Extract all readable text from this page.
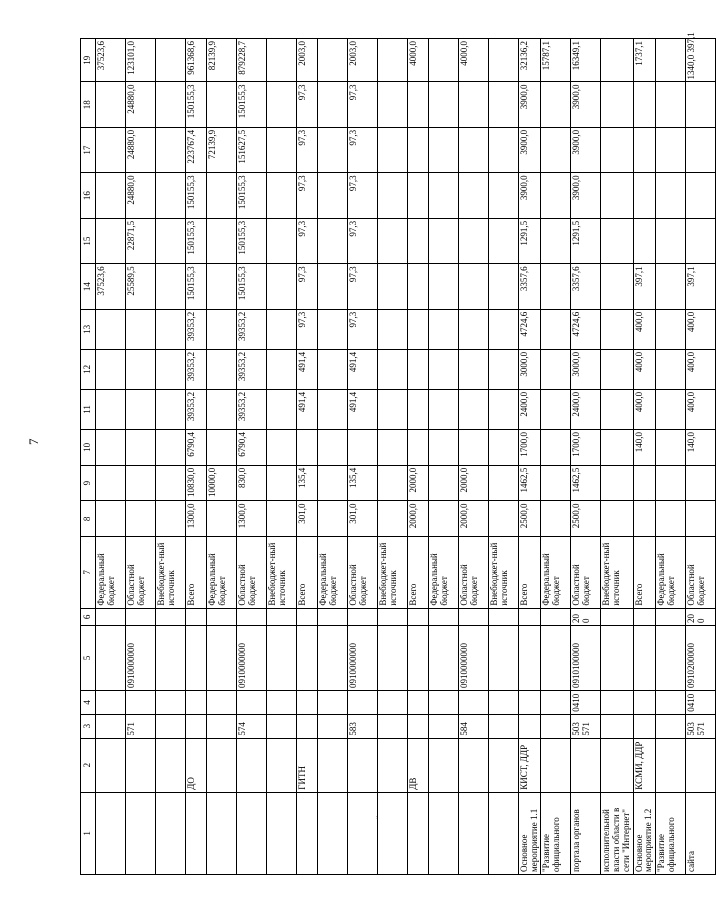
7
,
1	2	3	4	5	6	7	8	9	10	11	12	13	14	15	16	17	18	19
						Федеральный бюджет							37523,6					37523,6
		571		0910000000		Областной бюджет							25589,5	22871,5	24880,0	24880,0	24880,0	123101,0
						Внебюджет-ный источник												
	ДО					Всего	1300,0	10830,0	6790,4	39353,2	39353,2	39353,2	150155,3	150155,3	150155,3	223767,4	150155,3	961368,6
						Федеральный бюджет		10000,0								72139,9		82139,9
		574		0910000000		Областной бюджет	1300,0	830,0	6790,4	39353,2	39353,2	39353,2	150155,3	150155,3	150155,3	151627,5	150155,3	879228,7
						Внебюджет-ный источник												
	ГИТН					Всего	301,0	135,4		491,4	491,4	97,3	97,3	97,3	97,3	97,3	97,3	2003,0
						Федеральный бюджет												
		583		0910000000		Областной бюджет	301,0	135,4		491,4	491,4	97,3	97,3	97,3	97,3	97,3	97,3	2003,0
						Внебюджет-ный источник												
	ДВ					Всего	2000,0	2000,0										4000,0
						Федеральный бюджет												
		584		0910000000		Областной бюджет	2000,0	2000,0										4000,0
						Внебюджет-ный источник												
Основное мероприятие 1.1	КИСТ, ДДР					Всего	2500,0	1462,5	1700,0	2400,0	3000,0	4724,6	3357,6	1291,5	3900,0	3900,0	3900,0	32136,2
"Развитие официального						Федеральный бюджет												15787,1
портала органов		503 571	0410	0910100000	200	Областной бюджет	2500,0	1462,5	1700,0	2400,0	3000,0	4724,6	3357,6	1291,5	3900,0	3900,0	3900,0	16349,1
исполнительной власти области в сети "Интернет"						Внебюджет-ный источник												
Основное мероприятие 1.2	КСМИ, ДДР					Всего			140,0	400,0	400,0	400,0	397,1					1737,1
"Развитие официального						Федеральный бюджет												
сайта		503 571	0410	0910200000	200	Областной бюджет			140,0	400,0	400,0	400,0	397,1					1340,0 397,1
